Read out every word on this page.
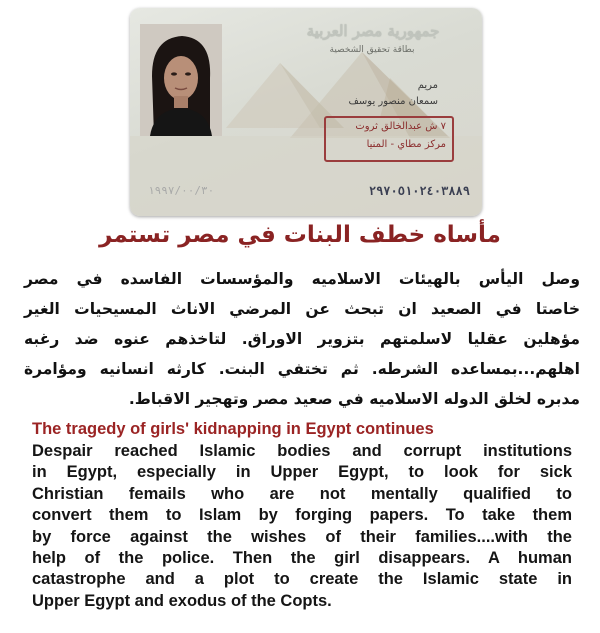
جمهورية مصر العربية
بطاقة تحقيق الشخصية
مريم
سمعان منصور يوسف
٧ ش عبدالخالق ثروت
مركز مطاي - المنيا
٢٩٧٠٥١٠٢٤٠٣٨٨٩
١٩٩٧/٠٠/٣٠
مأساه خطف البنات في مصر تستمر
وصل اليأس بالهيئات الاسلاميه والمؤسسات الفاسده في مصر
خاصتا في الصعيد ان تبحث عن المرضي الاناث المسيحيات الغير
مؤهلين عقليا لاسلمتهم بتزوير الاوراق. لتاخذهم عنوه ضد رغبه
اهلهم...بمساعده الشرطه. ثم تختفي البنت. كارثه انسانيه ومؤامرة
مدبره لخلق الدوله الاسلاميه في صعيد مصر وتهجير الاقباط.
The tragedy of girls' kidnapping in Egypt continues
Despair reached Islamic bodies and corrupt institutions
in Egypt, especially in Upper Egypt, to look for sick
Christian femails who are not mentally qualified to
convert them to Islam by forging papers. To take them
by force against the wishes of their families....with the
help of the police. Then the girl disappears. A human
catastrophe and a plot to create the Islamic state in
Upper Egypt and exodus of the Copts.
